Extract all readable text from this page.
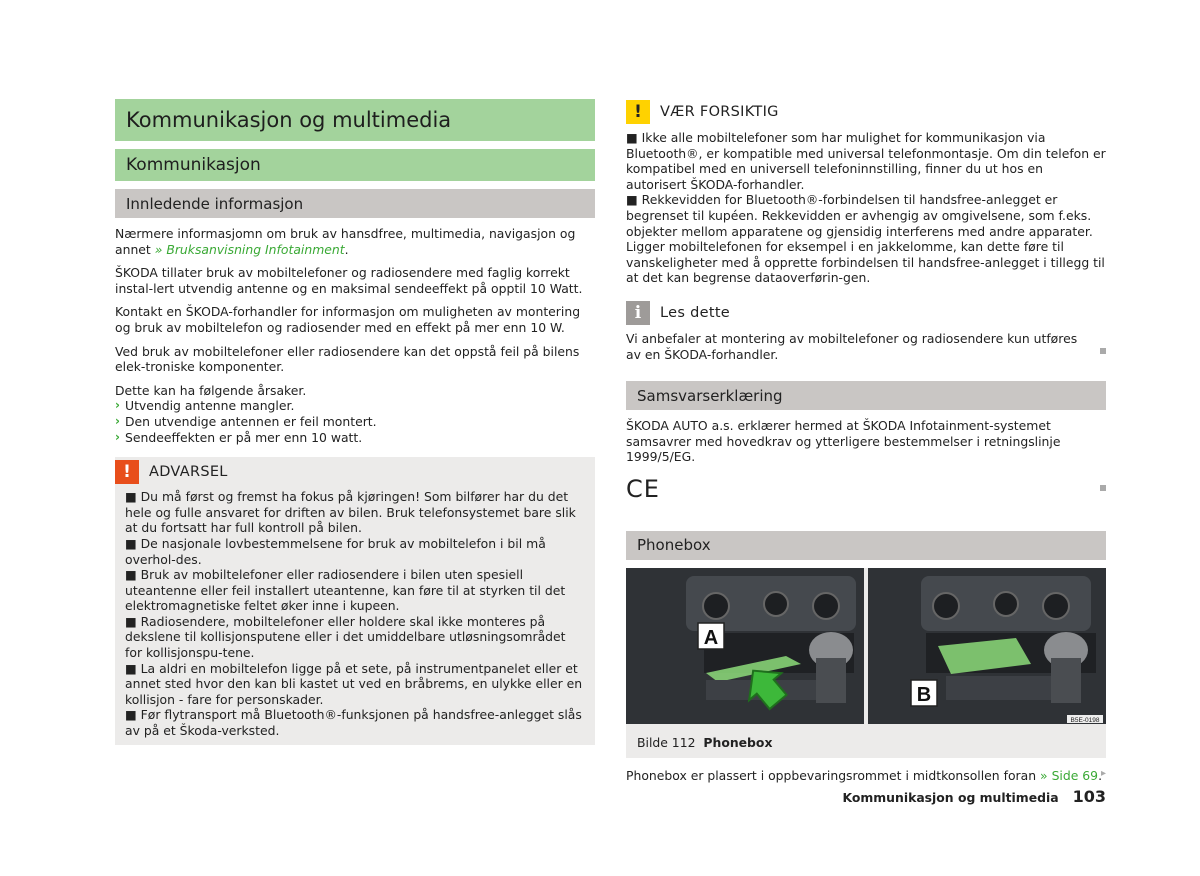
Kommunikasjon og multimedia
Kommunikasjon
Innledende informasjon

Nærmere informasjomn om bruk av hansdfree, multimedia, navigasjon og annet » Bruksanvisning Infotainment.

ŠKODA tillater bruk av mobiltelefoner og radiosendere med faglig korrekt instal-lert utvendig antenne og en maksimal sendeeffekt på opptil 10 Watt.

Kontakt en ŠKODA-forhandler for informasjon om muligheten av montering og bruk av mobiltelefon og radiosender med en effekt på mer enn 10 W.

Ved bruk av mobiltelefoner eller radiosendere kan det oppstå feil på bilens elek-troniske komponenter.

Dette kan ha følgende årsaker.

› Utvendig antenne mangler.
› Den utvendige antennen er feil montert.
› Sendeeffekten er på mer enn 10 watt.
!	ADVARSEL

■ Du må først og fremst ha fokus på kjøringen! Som bilfører har du det hele og fulle ansvaret for driften av bilen. Bruk telefonsystemet bare slik at du fortsatt har full kontroll på bilen.

■ De nasjonale lovbestemmelsene for bruk av mobiltelefon i bil må overhol-des.

■ Bruk av mobiltelefoner eller radiosendere i bilen uten spesiell uteantenne eller feil installert uteantenne, kan føre til at styrken til det elektromagnetiske feltet øker inne i kupeen.

■ Radiosendere, mobiltelefoner eller holdere skal ikke monteres på dekslene til kollisjonsputene eller i det umiddelbare utløsningsområdet for kollisjonspu-tene.

■ La aldri en mobiltelefon ligge på et sete, på instrumentpanelet eller et annet sted hvor den kan bli kastet ut ved en bråbrems, en ulykke eller en kollisjon - fare for personskader.

■ Før flytransport må Bluetooth®-funksjonen på handsfree-anlegget slås av på et Škoda-verksted.

!	VÆR FORSIKTIG

■ Ikke alle mobiltelefoner som har mulighet for kommunikasjon via Bluetooth®, er kompatible med universal telefonmontasje. Om din telefon er kompatibel med en universell telefoninnstilling, finner du ut hos en autorisert ŠKODA-forhandler.

■ Rekkevidden for Bluetooth®-forbindelsen til handsfree-anlegget er begrenset til kupéen. Rekkevidden er avhengig av omgivelsene, som f.eks. objekter mellom apparatene og gjensidig interferens med andre apparater. Ligger mobiltelefonen for eksempel i en jakkelomme, kan dette føre til vanskeligheter med å opprette forbindelsen til handsfree-anlegget i tillegg til at det kan begrense dataoverførin-gen.

i	Les dette

Vi anbefaler at montering av mobiltelefoner og radiosendere kun utføres av en ŠKODA-forhandler.

Samsvarserklæring

ŠKODA AUTO a.s. erklærer hermed at ŠKODA Infotainment-systemet samsavrer med hovedkrav og ytterligere bestemmelser i retningslinje 1999/5/EG.

CE
Phonebox
A
B
B5E-0198
Bilde 112 Phonebox

Phonebox er plassert i oppbevaringsrommet i midtkonsollen foran » Side 69.

▸
Kommunikasjon og multimedia 103
